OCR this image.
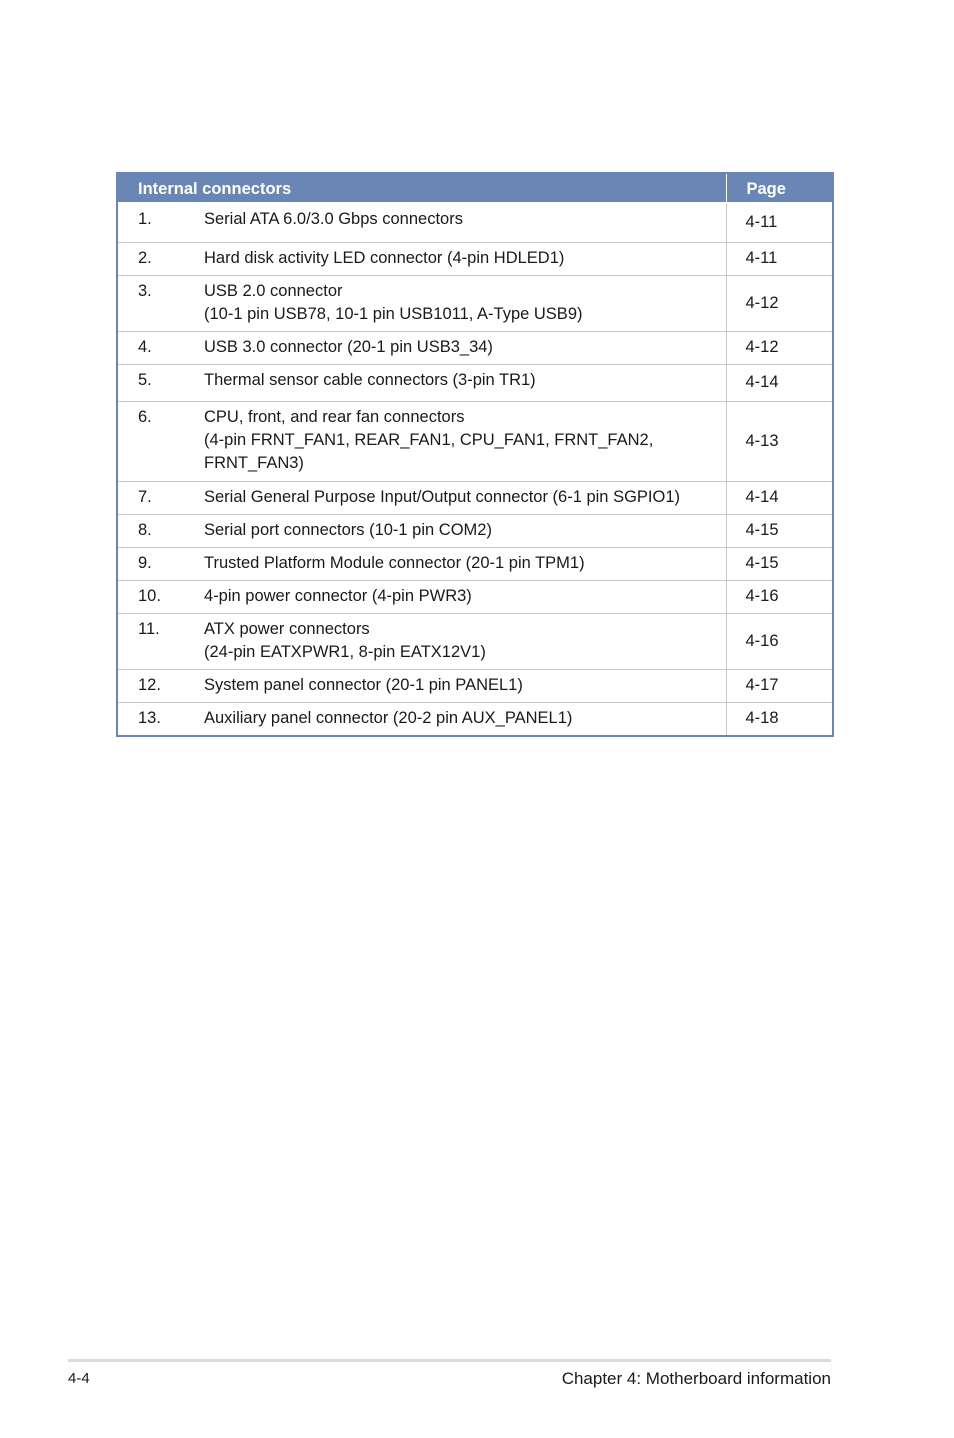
Internal connectors		Page
1.	Serial ATA 6.0/3.0 Gbps connectors	4-11
2.	Hard disk activity LED connector (4-pin HDLED1)	4-11
3.	USB 2.0 connector
(10-1 pin USB78, 10-1 pin USB1011, A-Type USB9)	4-12
4.	USB 3.0 connector (20-1 pin USB3_34)	4-12
5.	Thermal sensor cable connectors (3-pin TR1)	4-14
6.	CPU, front, and rear fan connectors
(4-pin FRNT_FAN1, REAR_FAN1, CPU_FAN1, FRNT_FAN2,
FRNT_FAN3)	4-13
7.	Serial General Purpose Input/Output connector (6-1 pin SGPIO1)	4-14
8.	Serial port connectors (10-1 pin COM2)	4-15
9.	Trusted Platform Module connector (20-1 pin TPM1)	4-15
10.	4-pin power connector (4-pin PWR3)	4-16
11.	ATX power connectors
(24-pin EATXPWR1, 8-pin EATX12V1)	4-16
12.	System panel connector (20-1 pin PANEL1)	4-17
13.	Auxiliary panel connector (20-2 pin AUX_PANEL1)	4-18
4-4	Chapter 4: Motherboard information
